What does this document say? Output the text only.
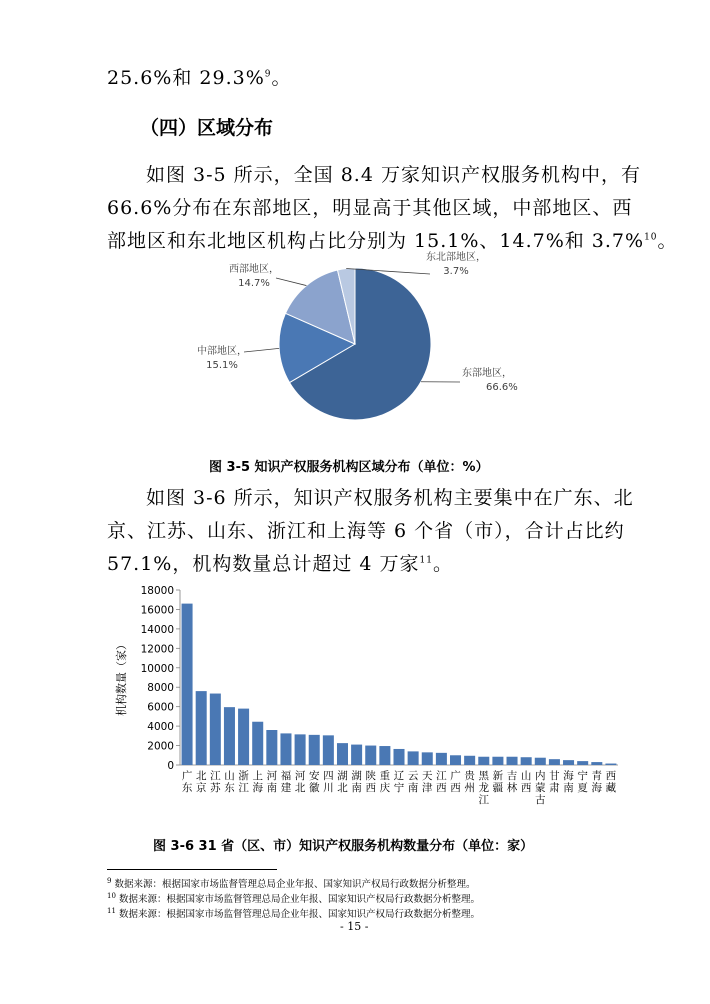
25.6%和 29.3%$^9$。
（四）区域分布
如图 3-5 所示，全国 8.4 万家知识产权服务机构中，有
66.6%分布在东部地区，明显高于其他区域，中部地区、西
部地区和东北地区机构占比分别为 15.1%、14.7%和 3.7%$^{10}$。
东部地区，
66.6%
中部地区，
15.1%
西部地区，
14.7%
东北部地区，
3.7%
图 3-5 知识产权服务机构区域分布（单位：%）
如图 3-6 所示，知识产权服务机构主要集中在广东、北
京、江苏、山东、浙江和上海等 6 个省（市），合计占比约
57.1%，机构数量总计超过 4 万家$^{11}$。
0
2000
4000
6000
8000
10000
12000
14000
16000
18000
广
东
北
京
江
苏
山
东
浙
江
上
海
河
南
福
建
河
北
安
徽
四
川
湖
北
湖
南
陕
西
重
庆
辽
宁
云
南
天
津
江
西
广
西
贵
州
黑
龙
江
新
疆
吉
林
山
西
内
蒙
古
甘
肃
海
南
宁
夏
青
海
西
藏
机构数量（家）
图 3-6 31 省（区、市）知识产权服务机构数量分布（单位：家）
$^9$ 数据来源：根据国家市场监督管理总局企业年报、国家知识产权局行政数据分析整理。
$^{10}$ 数据来源：根据国家市场监督管理总局企业年报、国家知识产权局行政数据分析整理。
$^{11}$ 数据来源：根据国家市场监督管理总局企业年报、国家知识产权局行政数据分析整理。
- 15 -
